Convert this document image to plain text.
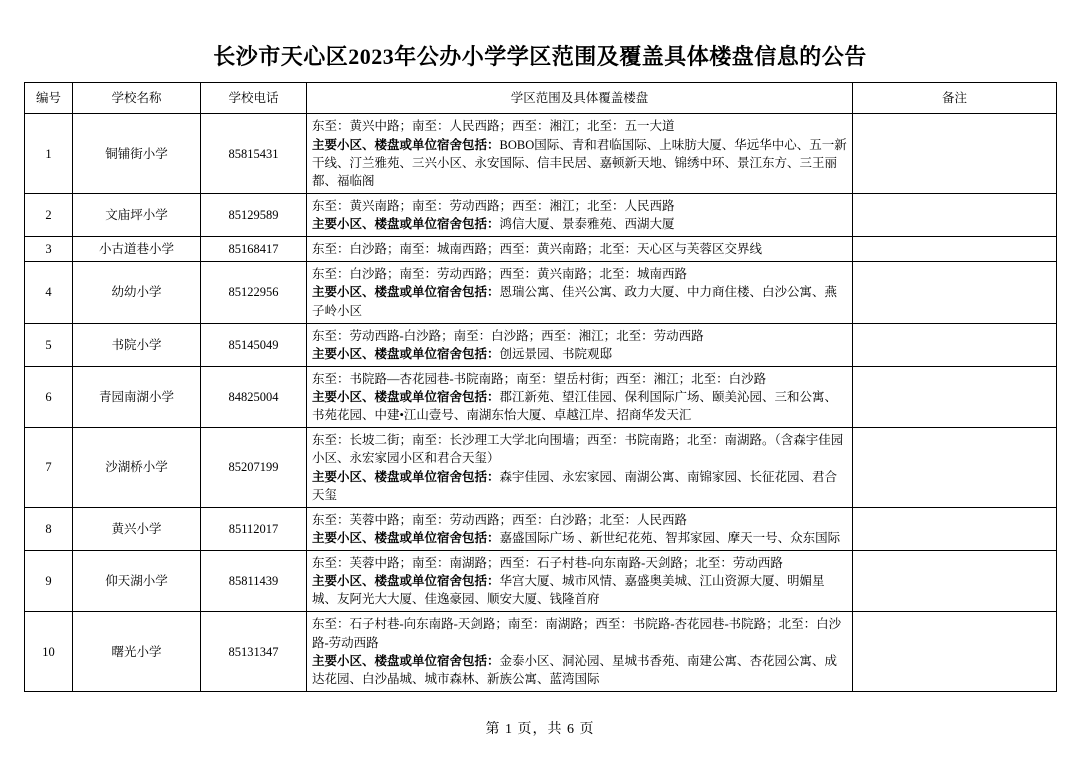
长沙市天心区2023年公办小学学区范围及覆盖具体楼盘信息的公告
编号	学校名称	学校电话	学区范围及具体覆盖楼盘	备注
1	铜铺街小学	85815431	东至：黄兴中路；南至：人民西路；西至：湘江；北至：五一大道
主要小区、楼盘或单位宿舍包括：BOBO国际、青和君临国际、上味肪大厦、华远华中心、五一新干线、汀兰雅苑、三兴小区、永安国际、信丰民居、嘉顿新天地、锦绣中环、景江东方、三王丽都、福临阁	

2	文庙坪小学	85129589	东至：黄兴南路；南至：劳动西路；西至：湘江；北至：人民西路
主要小区、楼盘或单位宿舍包括：鸿信大厦、景泰雅苑、西湖大厦	

3	小古道巷小学	85168417	东至：白沙路；南至：城南西路；西至：黄兴南路；北至：天心区与芙蓉区交界线	

4	幼幼小学	85122956	东至：白沙路；南至：劳动西路；西至：黄兴南路；北至：城南西路
主要小区、楼盘或单位宿舍包括：恩瑞公寓、佳兴公寓、政力大厦、中力商住楼、白沙公寓、燕子岭小区	

5	书院小学	85145049	东至：劳动西路-白沙路；南至：白沙路；西至：湘江；北至：劳动西路
主要小区、楼盘或单位宿舍包括：创远景园、书院观邸	

6	青园南湖小学	84825004	东至：书院路—杏花园巷-书院南路；南至：望岳村街；西至：湘江；北至：白沙路
主要小区、楼盘或单位宿舍包括：郡江新苑、望江佳园、保利国际广场、颐美沁园、三和公寓、书苑花园、中建•江山壹号、南湖东怡大厦、卓越江岸、招商华发天汇	

7	沙湖桥小学	85207199	东至：长坡二街；南至：长沙理工大学北向围墙；西至：书院南路；北至：南湖路。（含森宇佳园小区、永宏家园小区和君合天玺）
主要小区、楼盘或单位宿舍包括：森宇佳园、永宏家园、南湖公寓、南锦家园、长征花园、君合天玺	

8	黄兴小学	85112017	东至：芙蓉中路；南至：劳动西路；西至：白沙路；北至：人民西路
主要小区、楼盘或单位宿舍包括：嘉盛国际广场 、新世纪花苑、智邦家园、摩天一号、众东国际	

9	仰天湖小学	85811439	东至：芙蓉中路；南至：南湖路；西至：石子村巷-向东南路-天剑路；北至：劳动西路
主要小区、楼盘或单位宿舍包括：华宫大厦、城市风情、嘉盛奥美城、江山资源大厦、明媚星城、友阿光大大厦、佳逸豪园、顺安大厦、钱隆首府	

10	曙光小学	85131347	东至：石子村巷-向东南路-天剑路；南至：南湖路；西至：书院路-杏花园巷-书院路；北至：白沙路-劳动西路
主要小区、楼盘或单位宿舍包括：金泰小区、洞沁园、星城书香苑、南建公寓、杏花园公寓、成达花园、白沙晶城、城市森林、新族公寓、蓝湾国际	

第 1 页，共 6 页
